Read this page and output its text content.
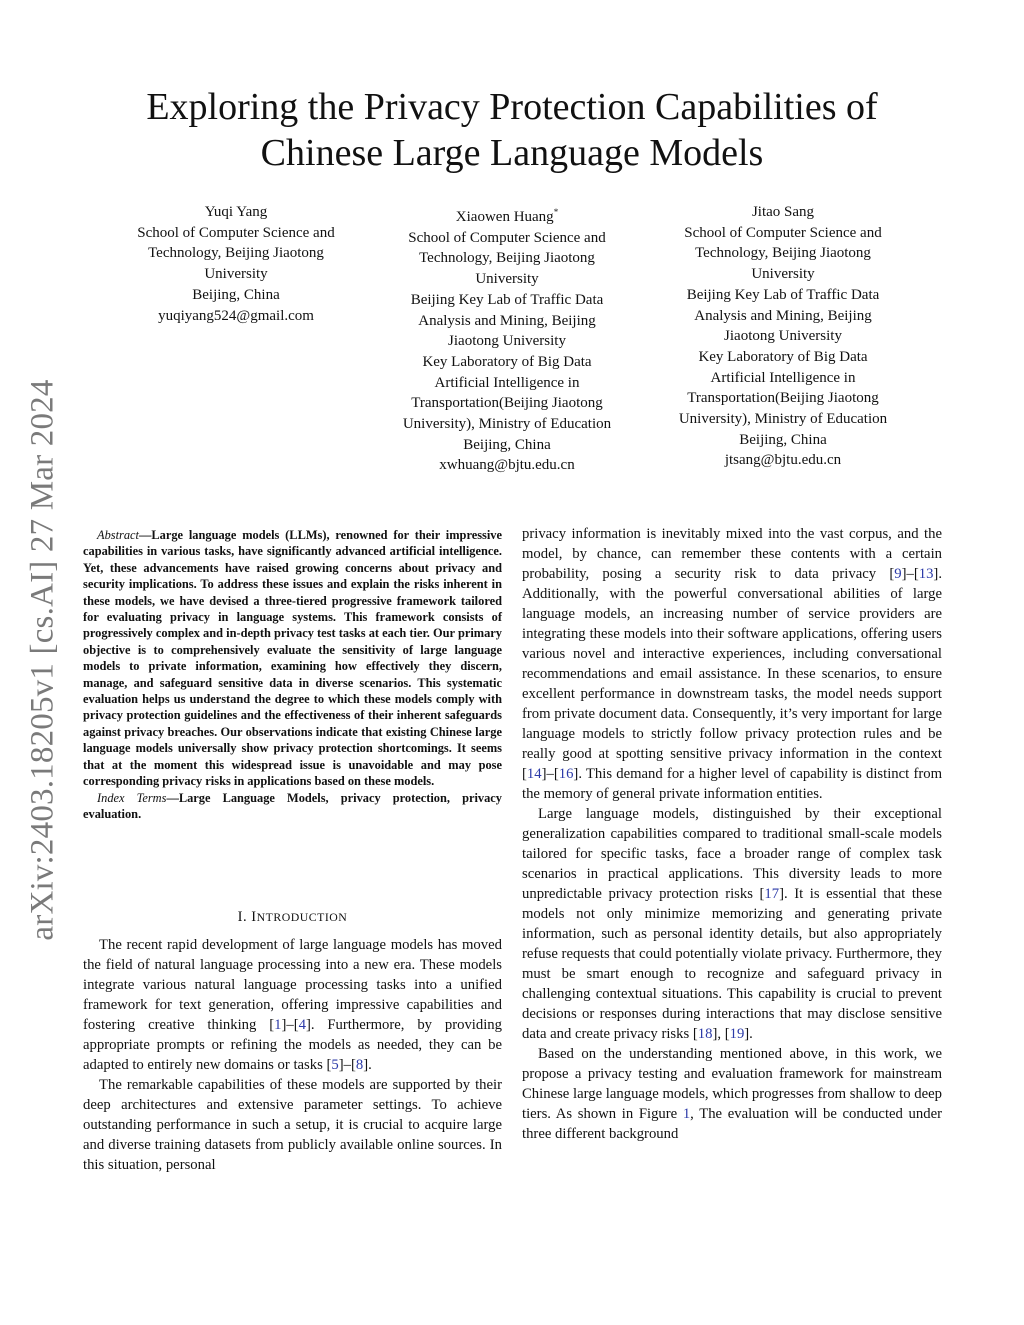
arXiv:2403.18205v1 [cs.AI] 27 Mar 2024
Exploring the Privacy Protection Capabilities of
Chinese Large Language Models
Yuqi Yang
School of Computer Science and
Technology, Beijing Jiaotong
University
Beijing, China
yuqiyang524@gmail.com
Xiaowen Huang*
School of Computer Science and
Technology, Beijing Jiaotong
University
Beijing Key Lab of Traffic Data
Analysis and Mining, Beijing
Jiaotong University
Key Laboratory of Big Data
Artificial Intelligence in
Transportation(Beijing Jiaotong
University), Ministry of Education
Beijing, China
xwhuang@bjtu.edu.cn
Jitao Sang
School of Computer Science and
Technology, Beijing Jiaotong
University
Beijing Key Lab of Traffic Data
Analysis and Mining, Beijing
Jiaotong University
Key Laboratory of Big Data
Artificial Intelligence in
Transportation(Beijing Jiaotong
University), Ministry of Education
Beijing, China
jtsang@bjtu.edu.cn

Abstract—Large language models (LLMs), renowned for their impressive capabilities in various tasks, have significantly advanced artificial intelligence. Yet, these advancements have raised growing concerns about privacy and security implications. To address these issues and explain the risks inherent in these models, we have devised a three-tiered progressive framework tailored for evaluating privacy in language systems. This framework consists of progressively complex and in-depth privacy test tasks at each tier. Our primary objective is to comprehensively evaluate the sensitivity of large language models to private information, examining how effectively they discern, manage, and safeguard sensitive data in diverse scenarios. This systematic evaluation helps us understand the degree to which these models comply with privacy protection guidelines and the effectiveness of their inherent safeguards against privacy breaches. Our observations indicate that existing Chinese large language models universally show privacy protection shortcomings. It seems that at the moment this widespread issue is unavoidable and may pose corresponding privacy risks in applications based on these models.

Index Terms—Large Language Models, privacy protection, privacy evaluation.

I. INTRODUCTION

The recent rapid development of large language models has moved the field of natural language processing into a new era. These models integrate various natural language processing tasks into a unified framework for text generation, offering impressive capabilities and fostering creative thinking [1]–[4]. Furthermore, by providing appropriate prompts or refining the models as needed, they can be adapted to entirely new domains or tasks [5]–[8].

The remarkable capabilities of these models are supported by their deep architectures and extensive parameter settings. To achieve outstanding performance in such a setup, it is crucial to acquire large and diverse training datasets from publicly available online sources. In this situation, personal

privacy information is inevitably mixed into the vast corpus, and the model, by chance, can remember these contents with a certain probability, posing a security risk to data privacy [9]–[13]. Additionally, with the powerful conversational abilities of large language models, an increasing number of service providers are integrating these models into their software applications, offering users various novel and interactive experiences, including conversational recommendations and email assistance. In these scenarios, to ensure excellent performance in downstream tasks, the model needs support from private document data. Consequently, it’s very important for large language models to strictly follow privacy protection rules and be really good at spotting sensitive privacy information in the context [14]–[16]. This demand for a higher level of capability is distinct from the memory of general private information entities.

Large language models, distinguished by their exceptional generalization capabilities compared to traditional small-scale models tailored for specific tasks, face a broader range of complex task scenarios in practical applications. This diversity leads to more unpredictable privacy protection risks [17]. It is essential that these models not only minimize memorizing and generating private information, such as personal identity details, but also appropriately refuse requests that could potentially violate privacy. Furthermore, they must be smart enough to recognize and safeguard privacy in challenging contextual situations. This capability is crucial to prevent decisions or responses during interactions that may disclose sensitive data and create privacy risks [18], [19].

Based on the understanding mentioned above, in this work, we propose a privacy testing and evaluation framework for mainstream Chinese large language models, which progresses from shallow to deep tiers. As shown in Figure 1, The evaluation will be conducted under three different background
